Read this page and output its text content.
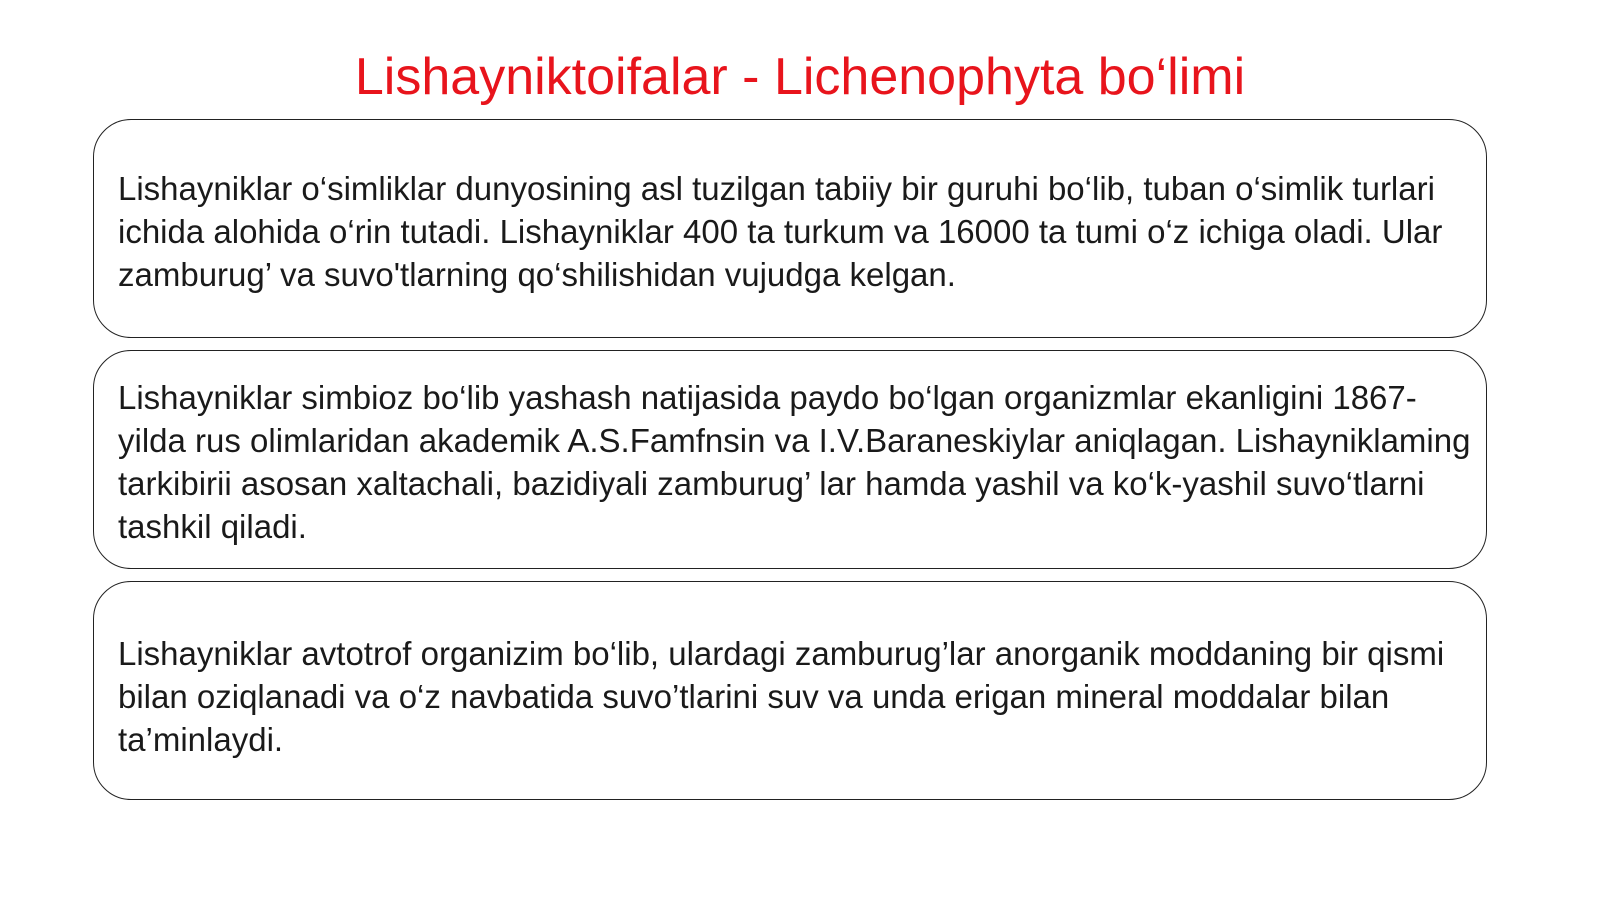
Lishayniktoifalar - Lichenophyta bo‘limi

Lishayniklar o‘simliklar dunyosining asl tuzilgan tabiiy bir guruhi bo‘lib, tuban o‘simlik turlari ichida alohida o‘rin tutadi. Lishayniklar 400 ta turkum va 16000 ta tumi o‘z ichiga oladi. Ular zamburug’ va suvo'tlarning qo‘shilishidan vujudga kelgan.

Lishayniklar simbioz bo‘lib yashash natijasida paydo bo‘lgan organizmlar ekanligini 1867-yilda rus olimlaridan akademik A.S.Famfnsin va I.V.Baraneskiylar aniqlagan. Lishayniklaming tarkibirii asosan xaltachali, bazidiyali zamburug’ lar hamda yashil va ko‘k-yashil suvo‘tlarni tashkil qiladi.

Lishayniklar avtotrof organizim bo‘lib, ulardagi zamburug’lar anorganik moddaning bir qismi bilan oziqlanadi va o‘z navbatida suvo’tlarini suv va unda erigan mineral moddalar bilan ta’minlaydi.
